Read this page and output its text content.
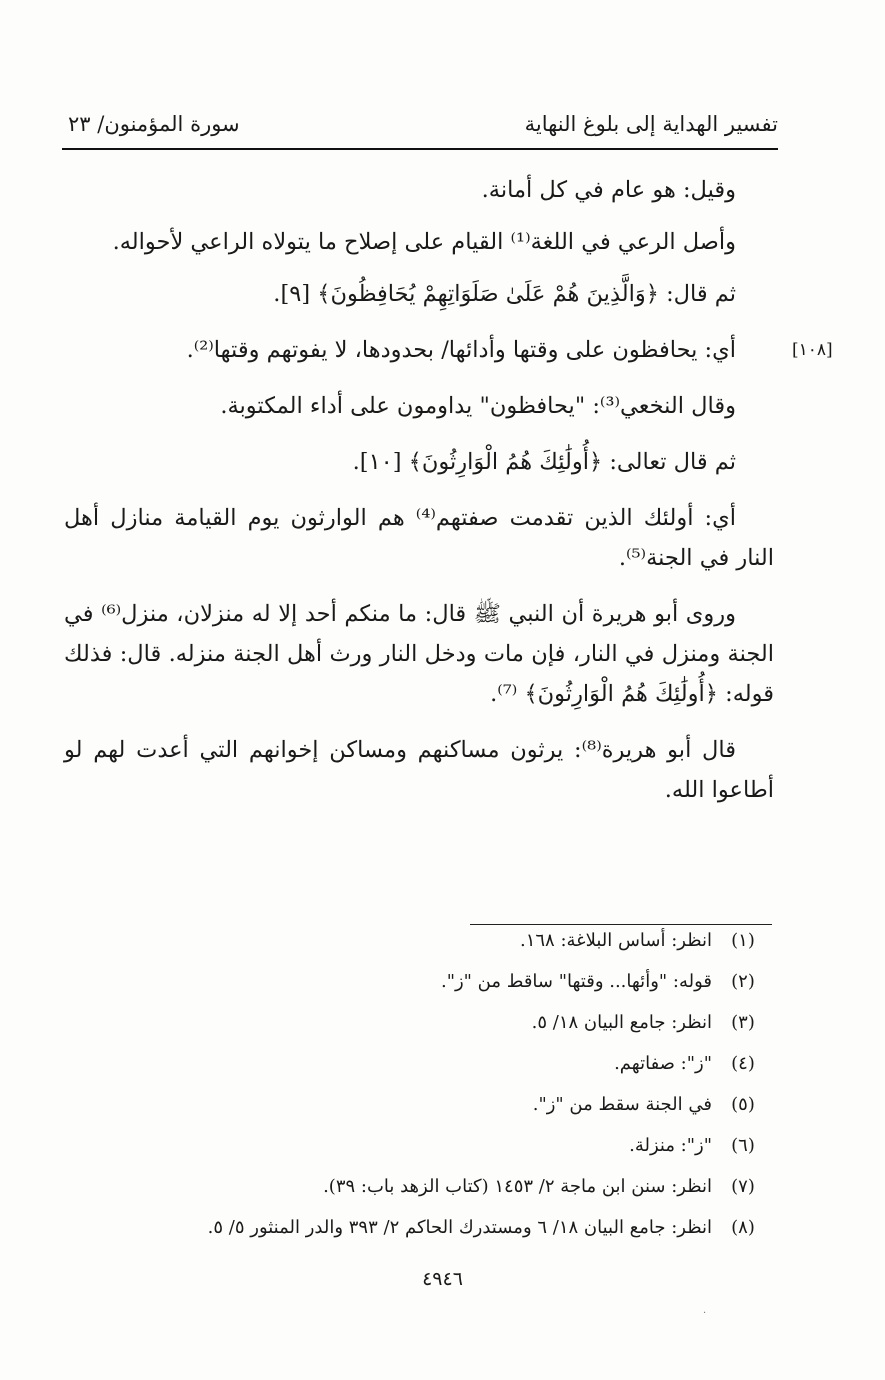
تفسير الهداية إلى بلوغ النهاية
سورة المؤمنون/ ٢٣
[١٠٨]

وقيل: هو عام في كل أمانة.

وأصل الرعي في اللغة⁽¹⁾ القيام على إصلاح ما يتولاه الراعي لأحواله.

ثم قال: ﴿وَالَّذِينَ هُمْ عَلَىٰ صَلَوَاتِهِمْ يُحَافِظُونَ﴾ [٩].

أي: يحافظون على وقتها وأدائها/ بحدودها، لا يفوتهم وقتها⁽²⁾.

وقال النخعي⁽³⁾: "يحافظون" يداومون على أداء المكتوبة.

ثم قال تعالى: ﴿أُولَٰئِكَ هُمُ الْوَارِثُونَ﴾ [١٠].

أي: أولئك الذين تقدمت صفتهم⁽⁴⁾ هم الوارثون يوم القيامة منازل أهل النار في الجنة⁽⁵⁾.

وروى أبو هريرة أن النبي ﷺ قال: ما منكم أحد إلا له منزلان، منزل⁽⁶⁾ في الجنة ومنزل في النار، فإن مات ودخل النار ورث أهل الجنة منزله. قال: فذلك قوله: ﴿أُولَٰئِكَ هُمُ الْوَارِثُونَ﴾ ⁽⁷⁾.

قال أبو هريرة⁽⁸⁾: يرثون مساكنهم ومساكن إخوانهم التي أعدت لهم لو أطاعوا الله.

(١)
انظر: أساس البلاغة: ١٦٨.
(٢)
قوله: "وأئها... وقتها" ساقط من "ز".
(٣)
انظر: جامع البيان ١٨/ ٥.
(٤)
"ز": صفاتهم.
(٥)
في الجنة سقط من "ز".
(٦)
"ز": منزلة.
(٧)
انظر: سنن ابن ماجة ٢/ ١٤٥٣ (كتاب الزهد باب: ٣٩).
(٨)
انظر: جامع البيان ١٨/ ٦ ومستدرك الحاكم ٢/ ٣٩٣ والدر المنثور ٥/ ٥.
٤٩٤٦
·
